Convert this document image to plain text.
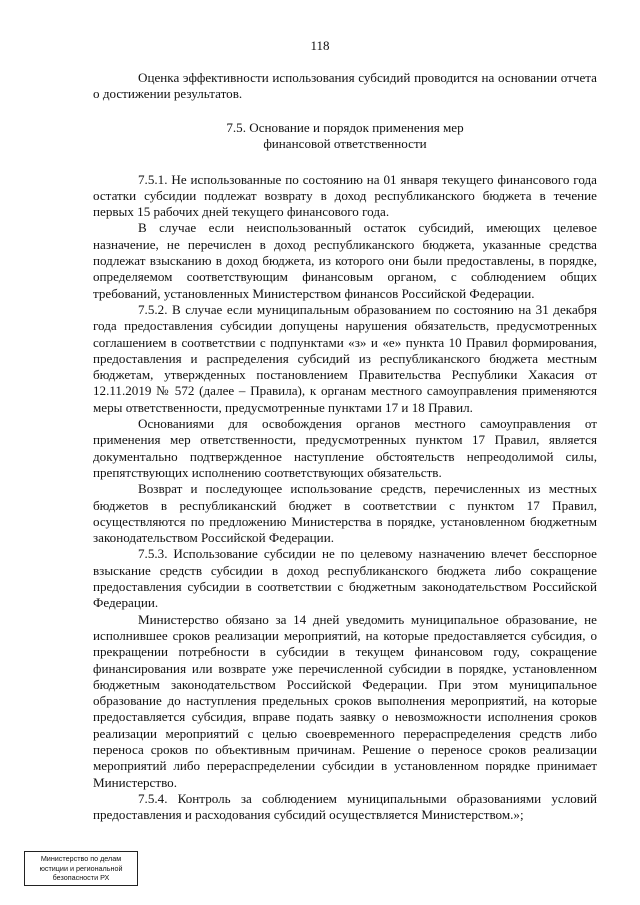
118

Оценка эффективности использования субсидий проводится на основании отчета о достижении результатов.

7.5. Основание и порядок применения мер
финансовой ответственности

7.5.1. Не использованные по состоянию на 01 января текущего финансового года остатки субсидии подлежат возврату в доход республиканского бюджета в течение первых 15 рабочих дней текущего финансового года.

В случае если неиспользованный остаток субсидий, имеющих целевое назначение, не перечислен в доход республиканского бюджета, указанные средства подлежат взысканию в доход бюджета, из которого они были предоставлены, в порядке, определяемом соответствующим финансовым органом, с соблюдением общих требований, установленных Министерством финансов Российской Федерации.

7.5.2. В случае если муниципальным образованием по состоянию на 31 декабря года предоставления субсидии допущены нарушения обязательств, предусмотренных соглашением в соответствии с подпунктами «з» и «е» пункта 10 Правил формирования, предоставления и распределения субсидий из республиканского бюджета местным бюджетам, утвержденных постановлением Правительства Республики Хакасия от 12.11.2019 № 572 (далее – Правила), к органам местного самоуправления применяются меры ответственности, предусмотренные пунктами 17 и 18 Правил.

Основаниями для освобождения органов местного самоуправления от применения мер ответственности, предусмотренных пунктом 17 Правил, является документально подтвержденное наступление обстоятельств непреодолимой силы, препятствующих исполнению соответствующих обязательств.

Возврат и последующее использование средств, перечисленных из местных бюджетов в республиканский бюджет в соответствии с пунктом 17 Правил, осуществляются по предложению Министерства в порядке, установленном бюджетным законодательством Российской Федерации.

7.5.3. Использование субсидии не по целевому назначению влечет бесспорное взыскание средств субсидии в доход республиканского бюджета либо сокращение предоставления субсидии в соответствии с бюджетным законодательством Российской Федерации.

Министерство обязано за 14 дней уведомить муниципальное образование, не исполнившее сроков реализации мероприятий, на которые предоставляется субсидия, о прекращении потребности в субсидии в текущем финансовом году, сокращение финансирования или возврате уже перечисленной субсидии в порядке, установленном бюджетным законодательством Российской Федерации. При этом муниципальное образование до наступления предельных сроков выполнения мероприятий, на которые предоставляется субсидия, вправе подать заявку о невозможности исполнения сроков реализации мероприятий с целью своевременного перераспределения средств либо переноса сроков по объективным причинам. Решение о переносе сроков реализации мероприятий либо перераспределении субсидии в установленном порядке принимает Министерство.

7.5.4. Контроль за соблюдением муниципальными образованиями условий предоставления и расходования субсидий осуществляется Министерством.»;

Министерство по делам
юстиции и региональной
безопасности РХ
